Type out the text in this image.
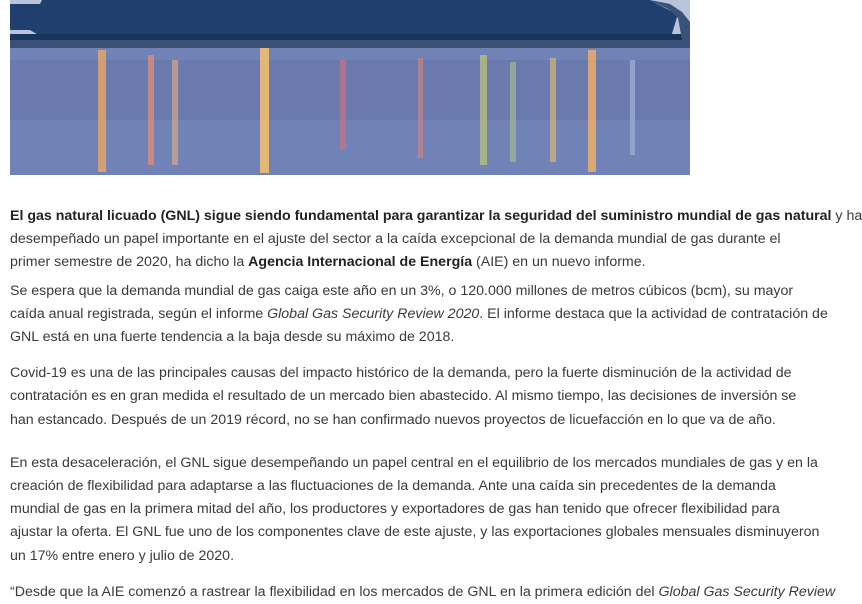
El gas natural licuado (GNL) sigue siendo fundamental para garantizar la seguridad del suministro mundial de gas natural y ha
desempeñado un papel importante en el ajuste del sector a la caída excepcional de la demanda mundial de gas durante el
primer semestre de 2020, ha dicho la Agencia Internacional de Energía (AIE) en un nuevo informe.

Se espera que la demanda mundial de gas caiga este año en un 3%, o 120.000 millones de metros cúbicos (bcm), su mayor
caída anual registrada, según el informe Global Gas Security Review 2020. El informe destaca que la actividad de contratación de
GNL está en una fuerte tendencia a la baja desde su máximo de 2018.

Covid-19 es una de las principales causas del impacto histórico de la demanda, pero la fuerte disminución de la actividad de
contratación es en gran medida el resultado de un mercado bien abastecido. Al mismo tiempo, las decisiones de inversión se
han estancado. Después de un 2019 récord, no se han confirmado nuevos proyectos de licuefacción en lo que va de año.

En esta desaceleración, el GNL sigue desempeñando un papel central en el equilibrio de los mercados mundiales de gas y en la
creación de flexibilidad para adaptarse a las fluctuaciones de la demanda. Ante una caída sin precedentes de la demanda
mundial de gas en la primera mitad del año, los productores y exportadores de gas han tenido que ofrecer flexibilidad para
ajustar la oferta. El GNL fue uno de los componentes clave de este ajuste, y las exportaciones globales mensuales disminuyeron
un 17% entre enero y julio de 2020.

“Desde que la AIE comenzó a rastrear la flexibilidad en los mercados de GNL en la primera edición del Global Gas Security Review
